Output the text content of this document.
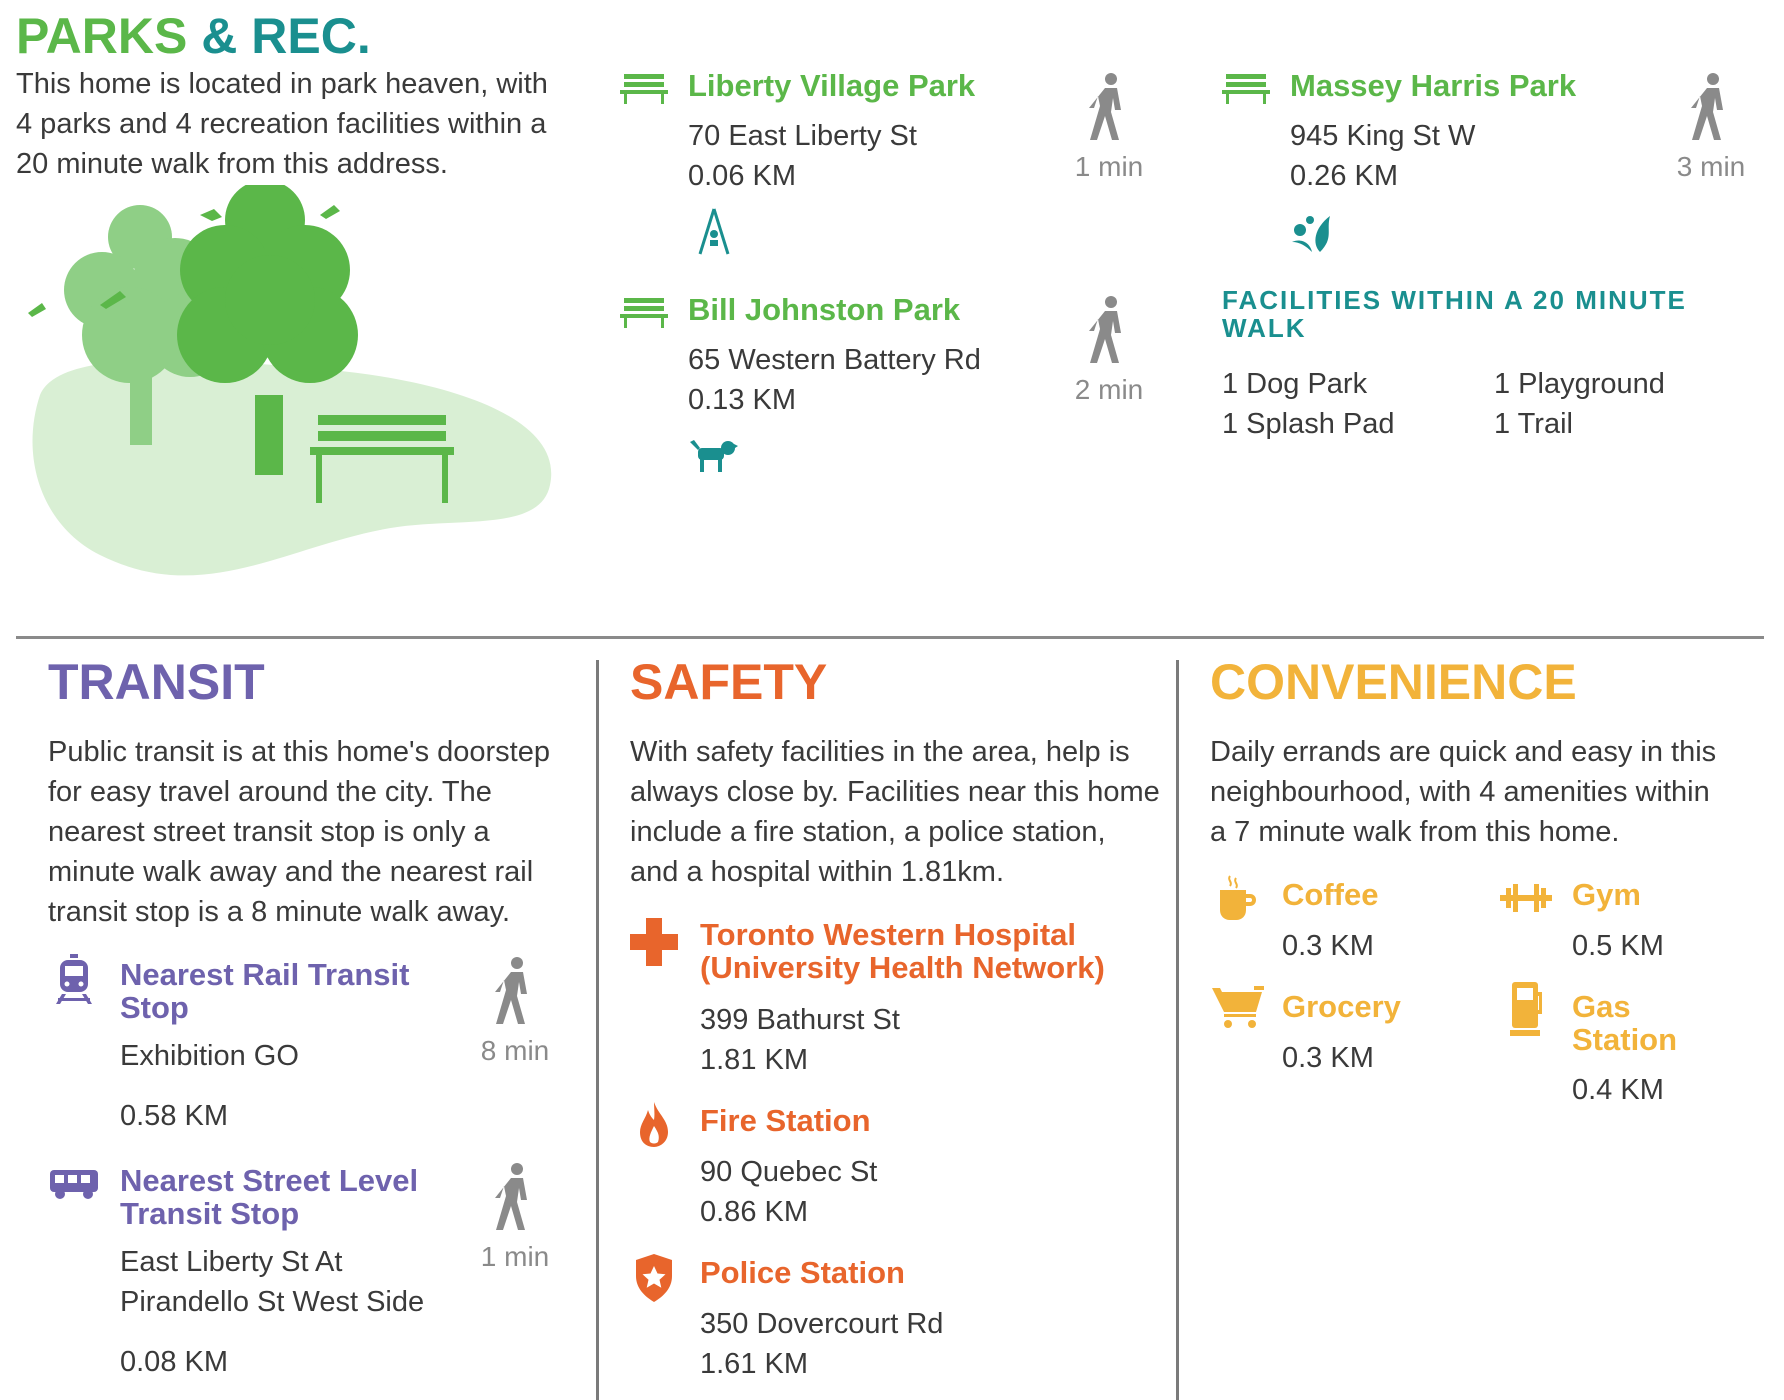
PARKS & REC.
This home is located in park heaven, with
4 parks and 4 recreation facilities within a
20 minute walk from this address.
Liberty Village Park
70 East Liberty St
0.06 KM	1 min
Bill Johnston Park
65 Western Battery Rd
0.13 KM	2 min
Massey Harris Park
945 King St W
0.26 KM	3 min
FACILITIES WITHIN A 20 MINUTE
WALK
1 Dog Park	1 Playground
1 Splash Pad	1 Trail
TRANSIT
Public transit is at this home's doorstep
for easy travel around the city. The
nearest street transit stop is only a
minute walk away and the nearest rail
transit stop is a 8 minute walk away.
Nearest Rail Transit
Stop
Exhibition GO
0.58 KM
8 min
Nearest Street Level
Transit Stop
East Liberty St At
Pirandello St West Side
0.08 KM
1 min
SAFETY
With safety facilities in the area, help is
always close by. Facilities near this home
include a fire station, a police station,
and a hospital within 1.81km.
Toronto Western Hospital
(University Health Network)
399 Bathurst St
1.81 KM
Fire Station
90 Quebec St
0.86 KM
Police Station
350 Dovercourt Rd
1.61 KM
CONVENIENCE
Daily errands are quick and easy in this
neighbourhood, with 4 amenities within
a 7 minute walk from this home.
Coffee
0.3 KM
Gym
0.5 KM
Grocery
0.3 KM
Gas
Station
0.4 KM
